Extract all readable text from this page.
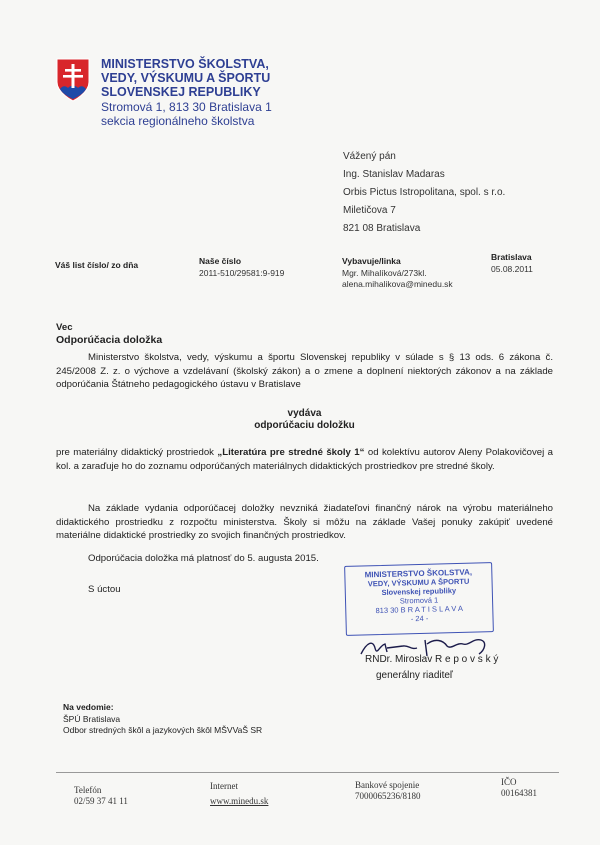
MINISTERSTVO ŠKOLSTVA,
VEDY, VÝSKUMU A ŠPORTU
SLOVENSKEJ REPUBLIKY
Stromová 1, 813 30 Bratislava 1
sekcia regionálneho školstva
Vážený pán
Ing. Stanislav Madaras
Orbis Pictus Istropolitana, spol. s r.o.
Miletičova 7
821 08 Bratislava
Váš list číslo/ zo dňa	Naše číslo
2011-510/29581:9-919
Vybavuje/linka
Mgr. Mihalíková/273kl.
alena.mihalikova@minedu.sk
Bratislava
05.08.2011
Vec
Odporúčacia doložka
Ministerstvo školstva, vedy, výskumu a športu Slovenskej republiky v súlade s § 13 ods. 6 zákona č. 245/2008 Z. z. o výchove a vzdelávaní (školský zákon) a o zmene a doplnení niektorých zákonov a na základe odporúčania Štátneho pedagogického ústavu v Bratislave
vydáva
odporúčaciu doložku
pre materiálny didaktický prostriedok „Literatúra pre stredné školy 1“ od kolektívu autorov Aleny Polakovičovej a kol. a zaraďuje ho do zoznamu odporúčaných materiálnych didaktických prostriedkov pre stredné školy.
Na základe vydania odporúčacej doložky nevzniká žiadateľovi finančný nárok na výrobu materiálneho didaktického prostriedku z rozpočtu ministerstva. Školy si môžu na základe Vašej ponuky zakúpiť uvedené materiálne didaktické prostriedky zo svojich finančných prostriedkov.
Odporúčacia doložka má platnosť do 5. augusta 2015.
S úctou
MINISTERSTVO ŠKOLSTVA,
VEDY, VÝSKUMU A ŠPORTU
Slovenskej republiky
Stromová 1
813 30 B R A T I S L A V A
- 24 -
RNDr. Miroslav R e p o v s k ý
generálny riaditeľ
Na vedomie:
ŠPÚ Bratislava
Odbor stredných škôl a jazykových škôl MŠVVaŠ SR
Telefón
02/59 37 41 11
Internet
www.minedu.sk
Bankové spojenie
7000065236/8180
IČO
00164381
